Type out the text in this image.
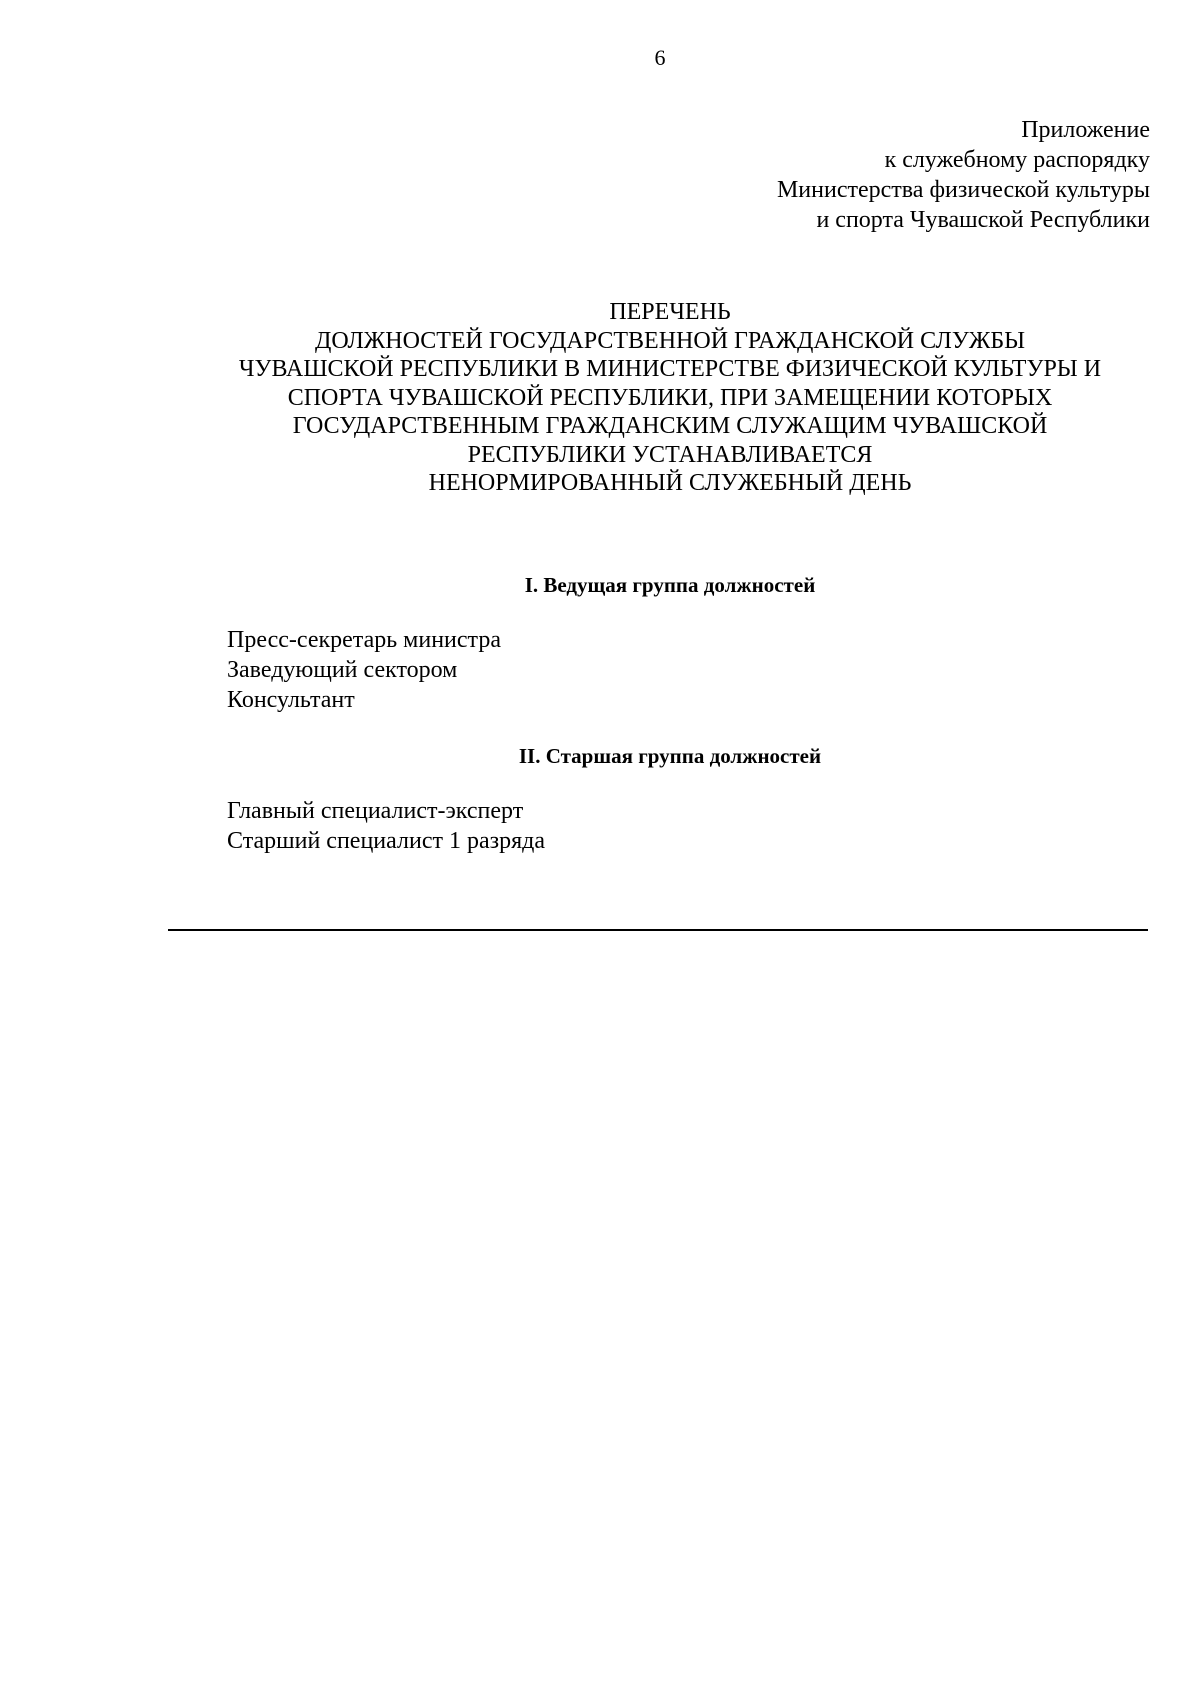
6
Приложение
к служебному распорядку
Министерства физической культуры
и спорта Чувашской Республики
ПЕРЕЧЕНЬ
ДОЛЖНОСТЕЙ ГОСУДАРСТВЕННОЙ ГРАЖДАНСКОЙ СЛУЖБЫ
ЧУВАШСКОЙ РЕСПУБЛИКИ В МИНИСТЕРСТВЕ ФИЗИЧЕСКОЙ КУЛЬТУРЫ И
СПОРТА ЧУВАШСКОЙ РЕСПУБЛИКИ, ПРИ ЗАМЕЩЕНИИ КОТОРЫХ
ГОСУДАРСТВЕННЫМ ГРАЖДАНСКИМ СЛУЖАЩИМ ЧУВАШСКОЙ
РЕСПУБЛИКИ УСТАНАВЛИВАЕТСЯ
НЕНОРМИРОВАННЫЙ СЛУЖЕБНЫЙ ДЕНЬ
I. Ведущая группа должностей
Пресс-секретарь министра
Заведующий сектором
Консультант
II. Старшая группа должностей
Главный специалист-эксперт
Старший специалист 1 разряда
